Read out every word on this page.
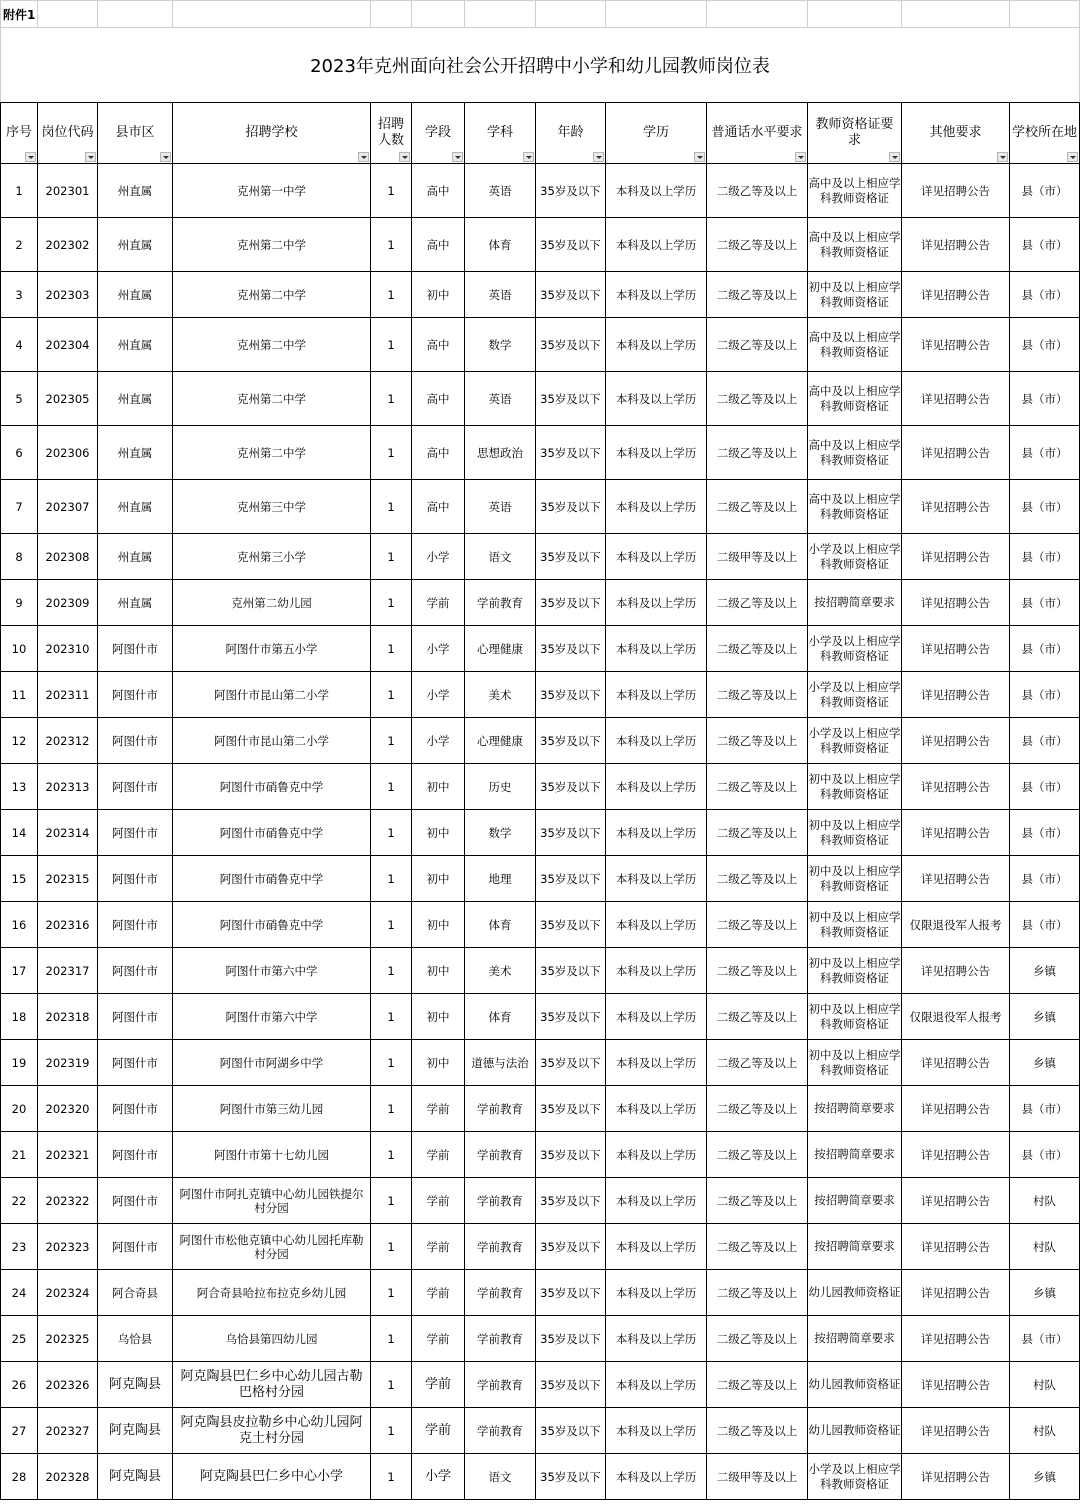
附件1												
2023年克州面向社会公开招聘中小学和幼儿园教师岗位表												
序号	岗位代码	县市区	招聘学校	招聘人数	学段	学科	年龄	学历	普通话水平要求	教师资格证要求	其他要求	学校所在地

1	202301	州直属	克州第一中学	1	高中	英语	35岁及以下	本科及以上学历	二级乙等及以上	高中及以上相应学科教师资格证	详见招聘公告	县（市）
2	202302	州直属	克州第二中学	1	高中	体育	35岁及以下	本科及以上学历	二级乙等及以上	高中及以上相应学科教师资格证	详见招聘公告	县（市）
3	202303	州直属	克州第二中学	1	初中	英语	35岁及以下	本科及以上学历	二级乙等及以上	初中及以上相应学科教师资格证	详见招聘公告	县（市）
4	202304	州直属	克州第二中学	1	高中	数学	35岁及以下	本科及以上学历	二级乙等及以上	高中及以上相应学科教师资格证	详见招聘公告	县（市）
5	202305	州直属	克州第二中学	1	高中	英语	35岁及以下	本科及以上学历	二级乙等及以上	高中及以上相应学科教师资格证	详见招聘公告	县（市）
6	202306	州直属	克州第二中学	1	高中	思想政治	35岁及以下	本科及以上学历	二级乙等及以上	高中及以上相应学科教师资格证	详见招聘公告	县（市）
7	202307	州直属	克州第三中学	1	高中	英语	35岁及以下	本科及以上学历	二级乙等及以上	高中及以上相应学科教师资格证	详见招聘公告	县（市）
8	202308	州直属	克州第三小学	1	小学	语文	35岁及以下	本科及以上学历	二级甲等及以上	小学及以上相应学科教师资格证	详见招聘公告	县（市）
9	202309	州直属	克州第二幼儿园	1	学前	学前教育	35岁及以下	本科及以上学历	二级乙等及以上	按招聘简章要求	详见招聘公告	县（市）
10	202310	阿图什市	阿图什市第五小学	1	小学	心理健康	35岁及以下	本科及以上学历	二级乙等及以上	小学及以上相应学科教师资格证	详见招聘公告	县（市）
11	202311	阿图什市	阿图什市昆山第二小学	1	小学	美术	35岁及以下	本科及以上学历	二级乙等及以上	小学及以上相应学科教师资格证	详见招聘公告	县（市）
12	202312	阿图什市	阿图什市昆山第二小学	1	小学	心理健康	35岁及以下	本科及以上学历	二级乙等及以上	小学及以上相应学科教师资格证	详见招聘公告	县（市）
13	202313	阿图什市	阿图什市硝鲁克中学	1	初中	历史	35岁及以下	本科及以上学历	二级乙等及以上	初中及以上相应学科教师资格证	详见招聘公告	县（市）
14	202314	阿图什市	阿图什市硝鲁克中学	1	初中	数学	35岁及以下	本科及以上学历	二级乙等及以上	初中及以上相应学科教师资格证	详见招聘公告	县（市）
15	202315	阿图什市	阿图什市硝鲁克中学	1	初中	地理	35岁及以下	本科及以上学历	二级乙等及以上	初中及以上相应学科教师资格证	详见招聘公告	县（市）
16	202316	阿图什市	阿图什市硝鲁克中学	1	初中	体育	35岁及以下	本科及以上学历	二级乙等及以上	初中及以上相应学科教师资格证	仅限退役军人报考	县（市）
17	202317	阿图什市	阿图什市第六中学	1	初中	美术	35岁及以下	本科及以上学历	二级乙等及以上	初中及以上相应学科教师资格证	详见招聘公告	乡镇
18	202318	阿图什市	阿图什市第六中学	1	初中	体育	35岁及以下	本科及以上学历	二级乙等及以上	初中及以上相应学科教师资格证	仅限退役军人报考	乡镇
19	202319	阿图什市	阿图什市阿湖乡中学	1	初中	道德与法治	35岁及以下	本科及以上学历	二级乙等及以上	初中及以上相应学科教师资格证	详见招聘公告	乡镇
20	202320	阿图什市	阿图什市第三幼儿园	1	学前	学前教育	35岁及以下	本科及以上学历	二级乙等及以上	按招聘简章要求	详见招聘公告	县（市）
21	202321	阿图什市	阿图什市第十七幼儿园	1	学前	学前教育	35岁及以下	本科及以上学历	二级乙等及以上	按招聘简章要求	详见招聘公告	县（市）
22	202322	阿图什市	阿图什市阿扎克镇中心幼儿园铁提尔村分园	1	学前	学前教育	35岁及以下	本科及以上学历	二级乙等及以上	按招聘简章要求	详见招聘公告	村队
23	202323	阿图什市	阿图什市松他克镇中心幼儿园托库勒村分园	1	学前	学前教育	35岁及以下	本科及以上学历	二级乙等及以上	按招聘简章要求	详见招聘公告	村队
24	202324	阿合奇县	阿合奇县哈拉布拉克乡幼儿园	1	学前	学前教育	35岁及以下	本科及以上学历	二级乙等及以上	幼儿园教师资格证	详见招聘公告	乡镇
25	202325	乌恰县	乌恰县第四幼儿园	1	学前	学前教育	35岁及以下	本科及以上学历	二级乙等及以上	按招聘简章要求	详见招聘公告	县（市）
26	202326	阿克陶县	阿克陶县巴仁乡中心幼儿园古勒巴格村分园	1	学前	学前教育	35岁及以下	本科及以上学历	二级乙等及以上	幼儿园教师资格证	详见招聘公告	村队
27	202327	阿克陶县	阿克陶县皮拉勒乡中心幼儿园阿克土村分园	1	学前	学前教育	35岁及以下	本科及以上学历	二级乙等及以上	幼儿园教师资格证	详见招聘公告	村队
28	202328	阿克陶县	阿克陶县巴仁乡中心小学	1	小学	语文	35岁及以下	本科及以上学历	二级甲等及以上	小学及以上相应学科教师资格证	详见招聘公告	乡镇
